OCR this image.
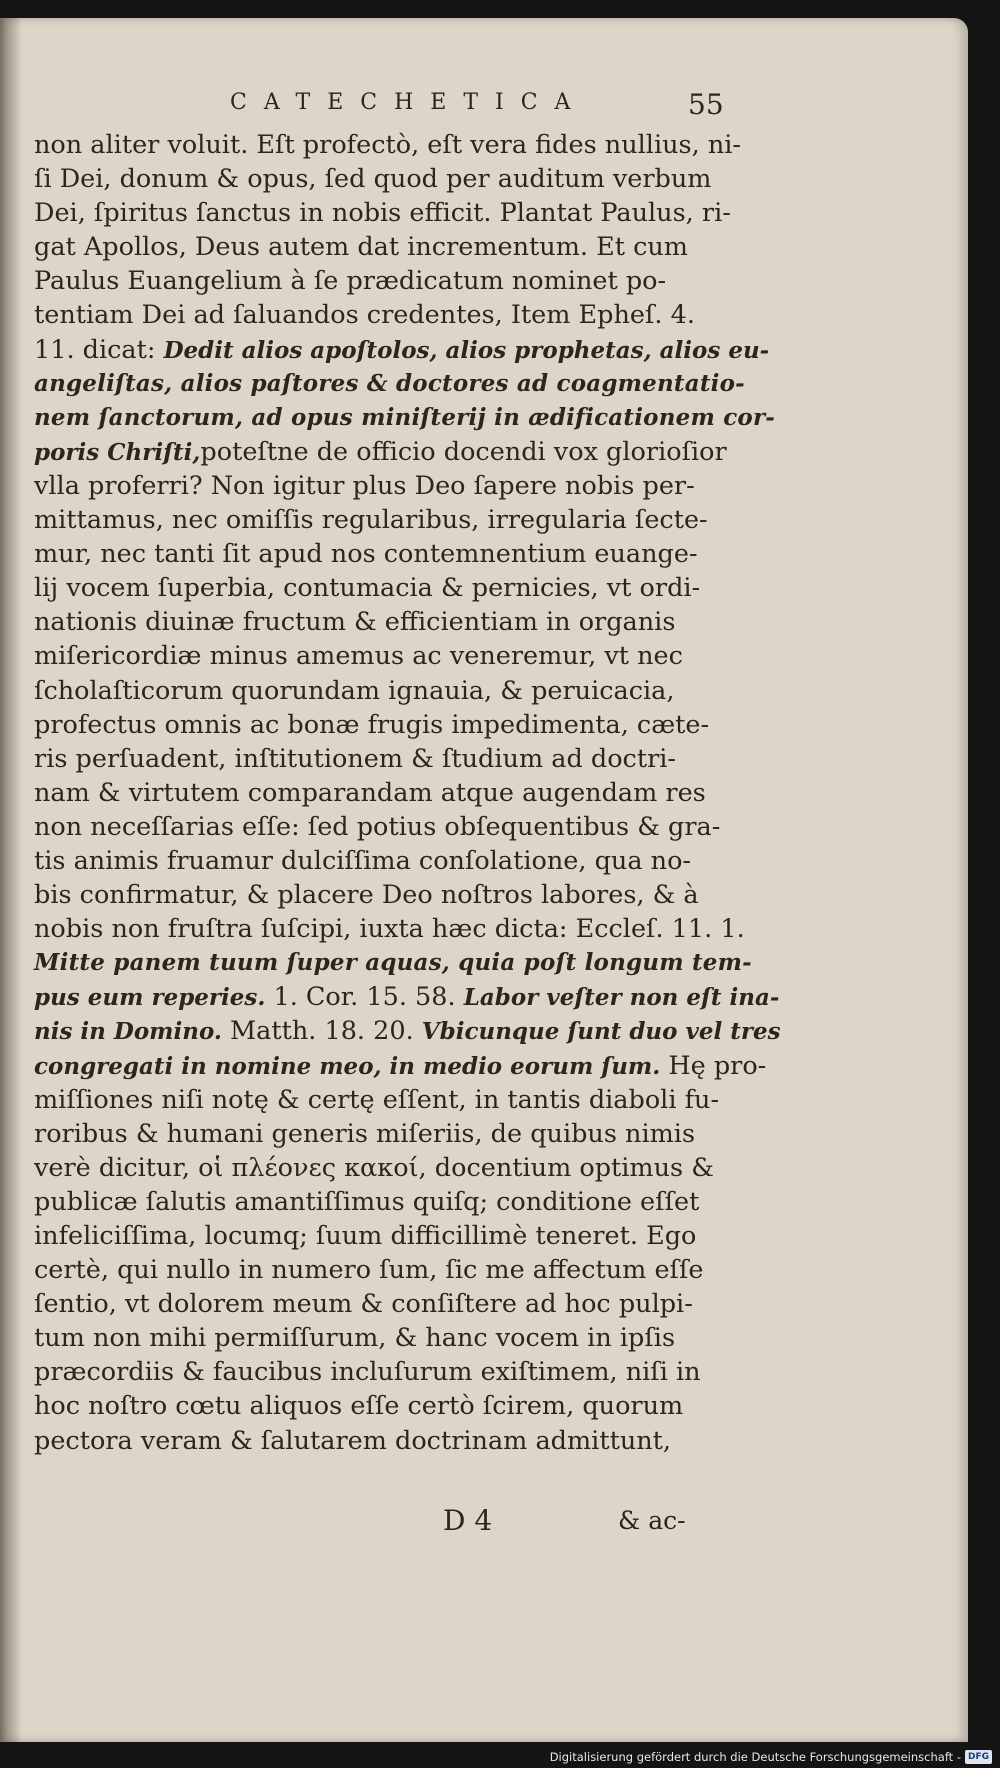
CATECHETICA	55
non aliter voluit. Eſt profectò, eſt vera fides nullius, ni-
ſi Dei, donum & opus, ſed quod per auditum verbum
Dei, ſpiritus ſanctus in nobis efficit. Plantat Paulus, ri-
gat Apollos, Deus autem dat incrementum. Et cum
Paulus Euangelium à ſe prædicatum nominet po-
tentiam Dei ad ſaluandos credentes, Item Epheſ. 4.
11. dicat: Dedit alios apoſtolos, alios prophetas, alios eu-
angeliſtas, alios paſtores & doctores ad coagmentatio-
nem ſanctorum, ad opus miniſterij in ædificationem cor-
poris Chriſti,poteſtne de officio docendi vox glorioſior
vlla proferri? Non igitur plus Deo ſapere nobis per-
mittamus, nec omiſſis regularibus, irregularia ſecte-
mur, nec tanti ſit apud nos contemnentium euange-
lij vocem ſuperbia, contumacia & pernicies, vt ordi-
nationis diuinæ fructum & efficientiam in organis
miſericordiæ minus amemus ac veneremur, vt nec
ſcholaſticorum quorundam ignauia, & peruicacia,
profectus omnis ac bonæ frugis impedimenta, cæte-
ris perſuadent, inſtitutionem & ſtudium ad doctri-
nam & virtutem comparandam atque augendam res
non neceſſarias eſſe: ſed potius obſequentibus & gra-
tis animis fruamur dulciſſima conſolatione, qua no-
bis confirmatur, & placere Deo noſtros labores, & à
nobis non fruſtra ſuſcipi, iuxta hæc dicta: Eccleſ. 11. 1.
Mitte panem tuum ſuper aquas, quia poſt longum tem-
pus eum reperies. 1. Cor. 15. 58. Labor veſter non eſt ina-
nis in Domino. Matth. 18. 20. Vbicunque ſunt duo vel tres
congregati in nomine meo, in medio eorum ſum. Hę pro-
miſſiones niſi notę & certę eſſent, in tantis diaboli fu-
roribus & humani generis miſeriis, de quibus nimis
verè dicitur, οἱ πλέονες κακοί, docentium optimus &
publicæ ſalutis amantiſſimus quiſq; conditione eſſet
infeliciſſima, locumq; ſuum difficillimè teneret. Ego
certè, qui nullo in numero ſum, ſic me affectum eſſe
ſentio, vt dolorem meum & conſiſtere ad hoc pulpi-
tum non mihi permiſſurum, & hanc vocem in ipſis
præcordiis & faucibus incluſurum exiſtimem, niſi in
hoc noſtro cœtu aliquos eſſe certò ſcirem, quorum
pectora veram & ſalutarem doctrinam admittunt,
D 4	& ac-
Digitalisierung gefördert durch die Deutsche Forschungsgemeinschaft - DFG
